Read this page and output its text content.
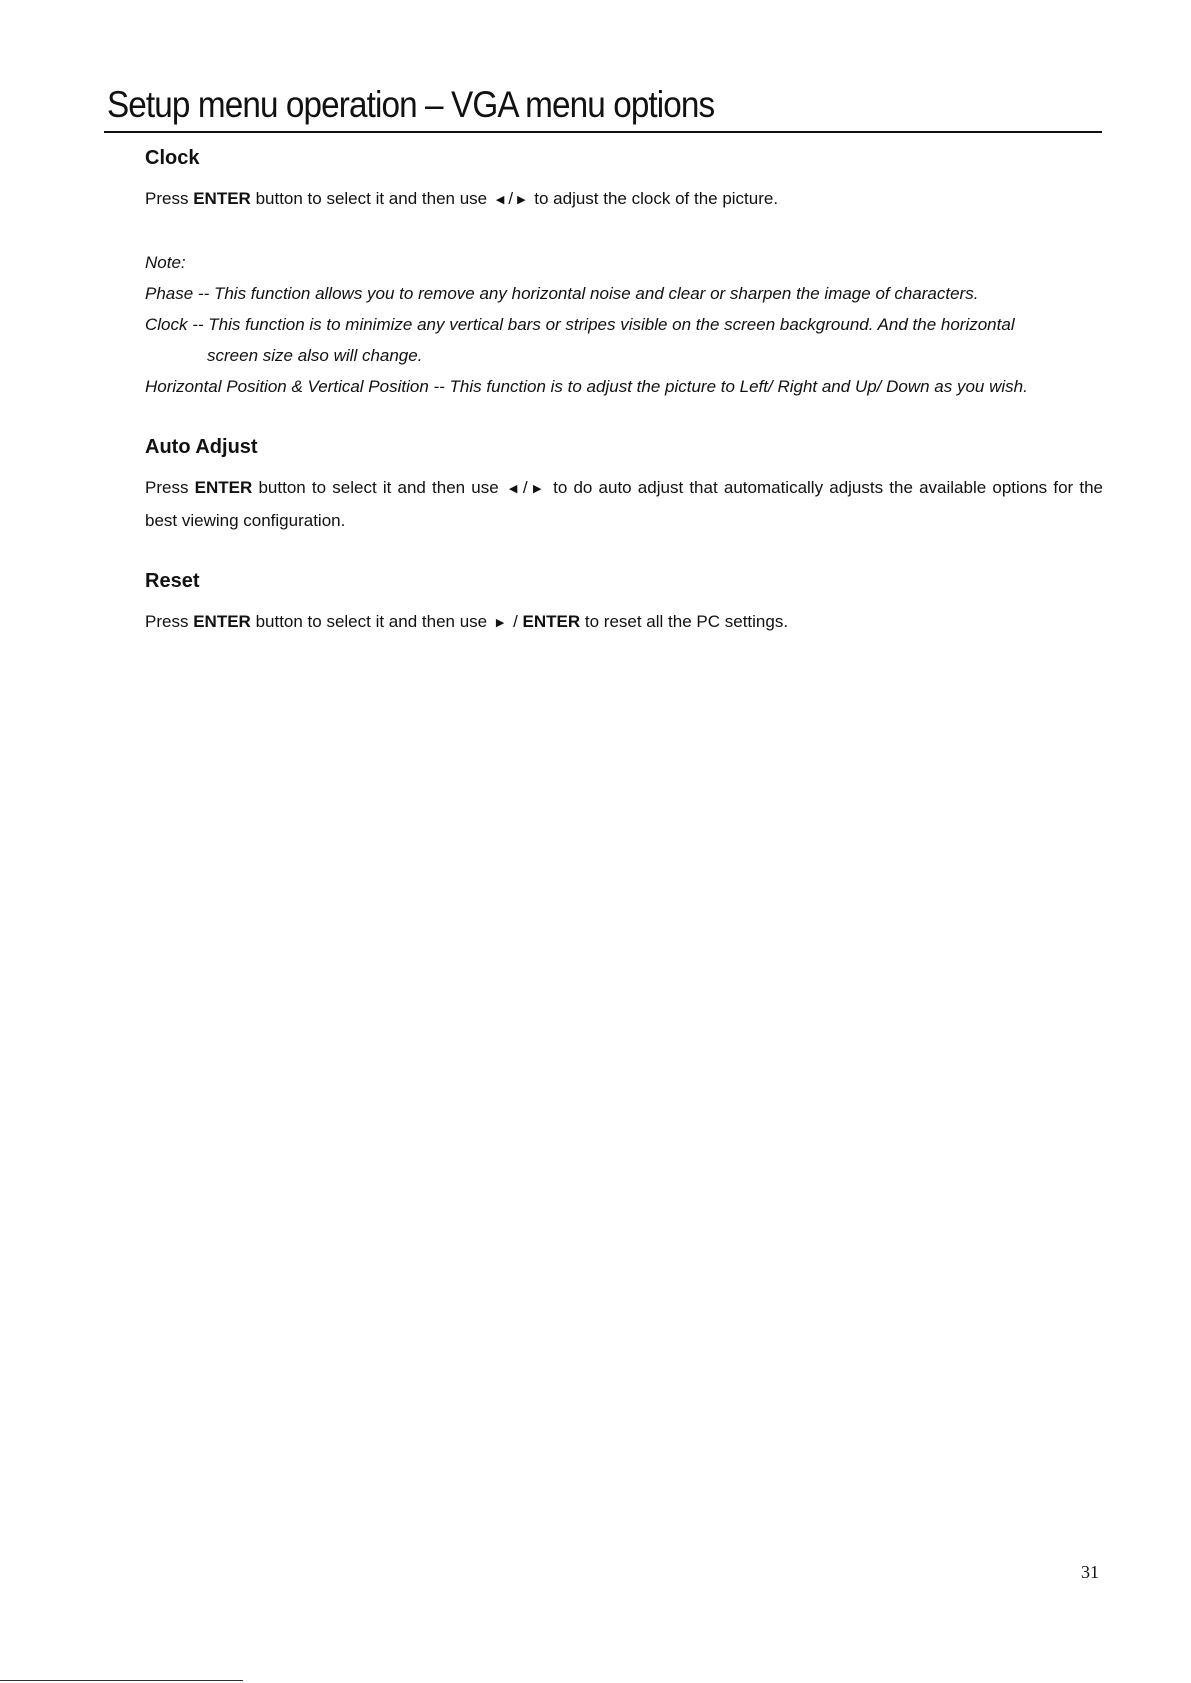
Setup menu operation – VGA menu options
Clock

Press ENTER button to select it and then use ◀ / ▶ to adjust the clock of the picture.

Note:

Phase -- This function allows you to remove any horizontal noise and clear or sharpen the image of characters.

Clock -- This function is to minimize any vertical bars or stripes visible on the screen background. And the horizontal

screen size also will change.

Horizontal Position & Vertical Position -- This function is to adjust the picture to Left/ Right and Up/ Down as you wish.

Auto Adjust

Press ENTER button to select it and then use ◀ / ▶ to do auto adjust that automatically adjusts the available options for the best viewing configuration.

Reset

Press ENTER button to select it and then use ▶ / ENTER to reset all the PC settings.

31
